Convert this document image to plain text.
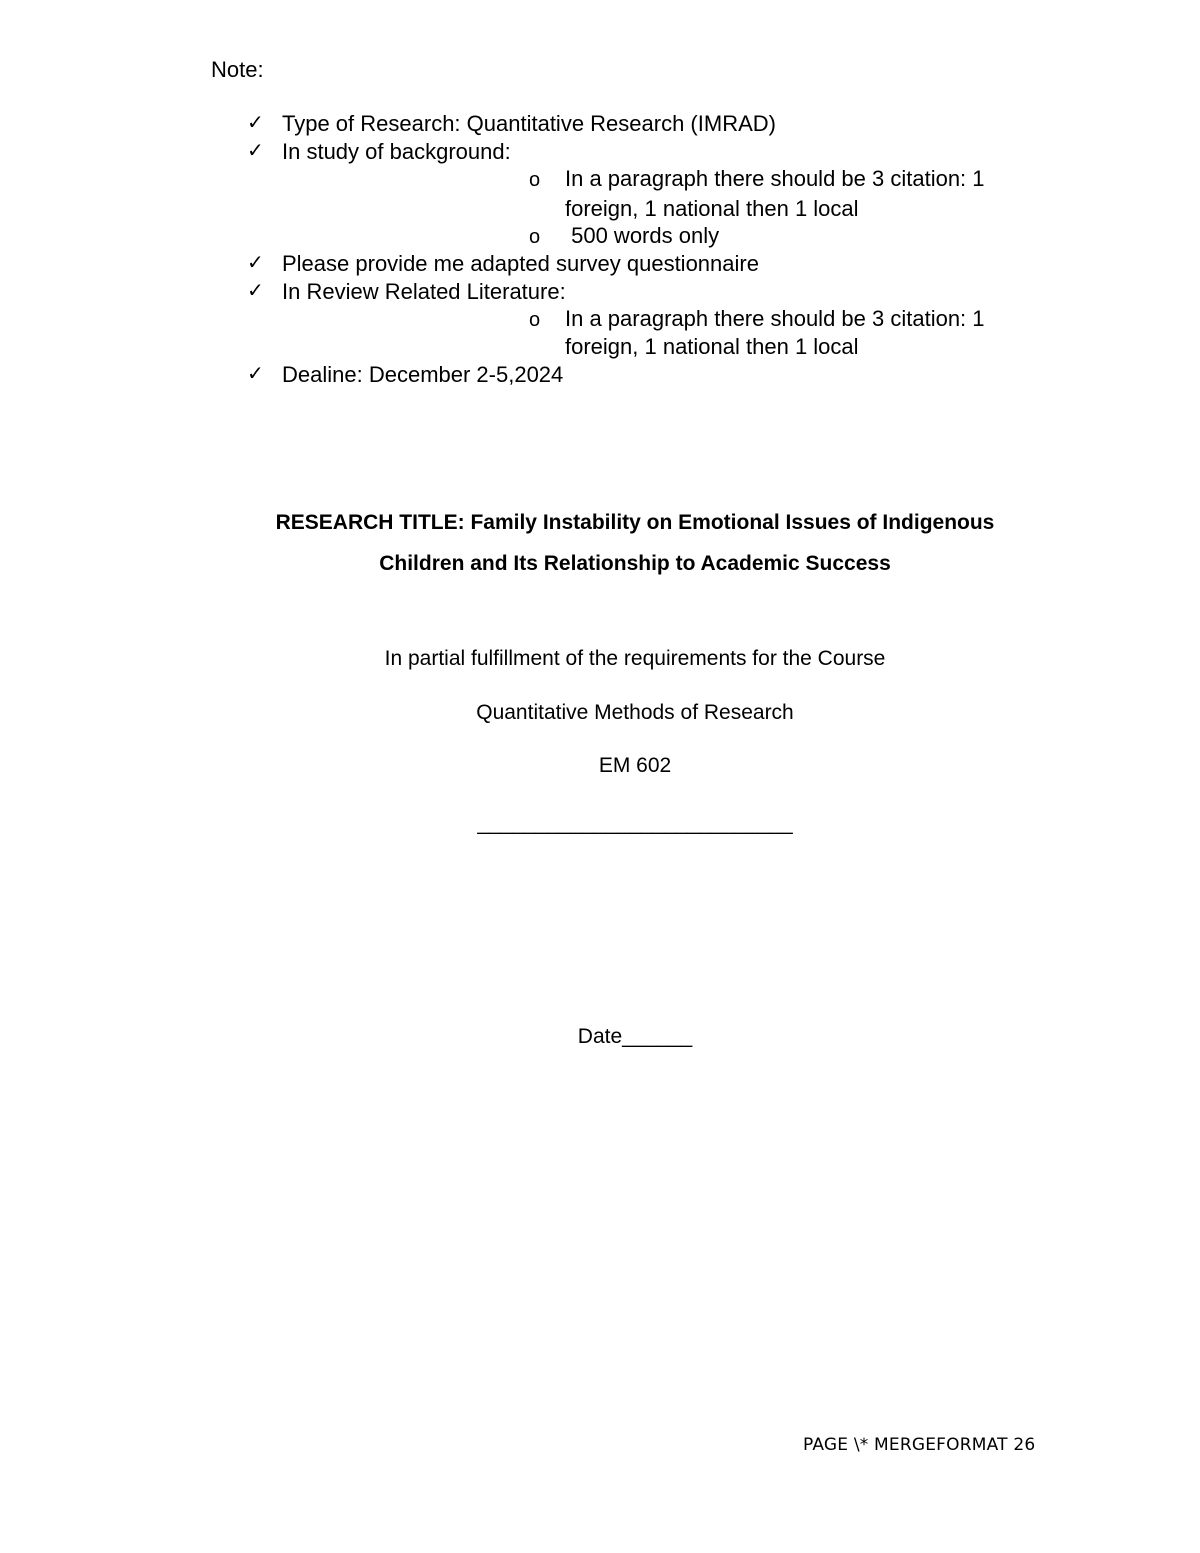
Note:
✓ Type of Research: Quantitative Research (IMRAD)
✓ In study of background:
o In a paragraph there should be 3 citation: 1
foreign, 1 national then 1 local
o 500 words only
✓ Please provide me adapted survey questionnaire
✓ In Review Related Literature:
o In a paragraph there should be 3 citation: 1
foreign, 1 national then 1 local
✓ Dealine: December 2-5,2024
RESEARCH TITLE: Family Instability on Emotional Issues of Indigenous
Children and Its Relationship to Academic Success
In partial fulfillment of the requirements for the Course
Quantitative Methods of Research
EM 602
___________________________
Date______
PAGE \* MERGEFORMAT 26
